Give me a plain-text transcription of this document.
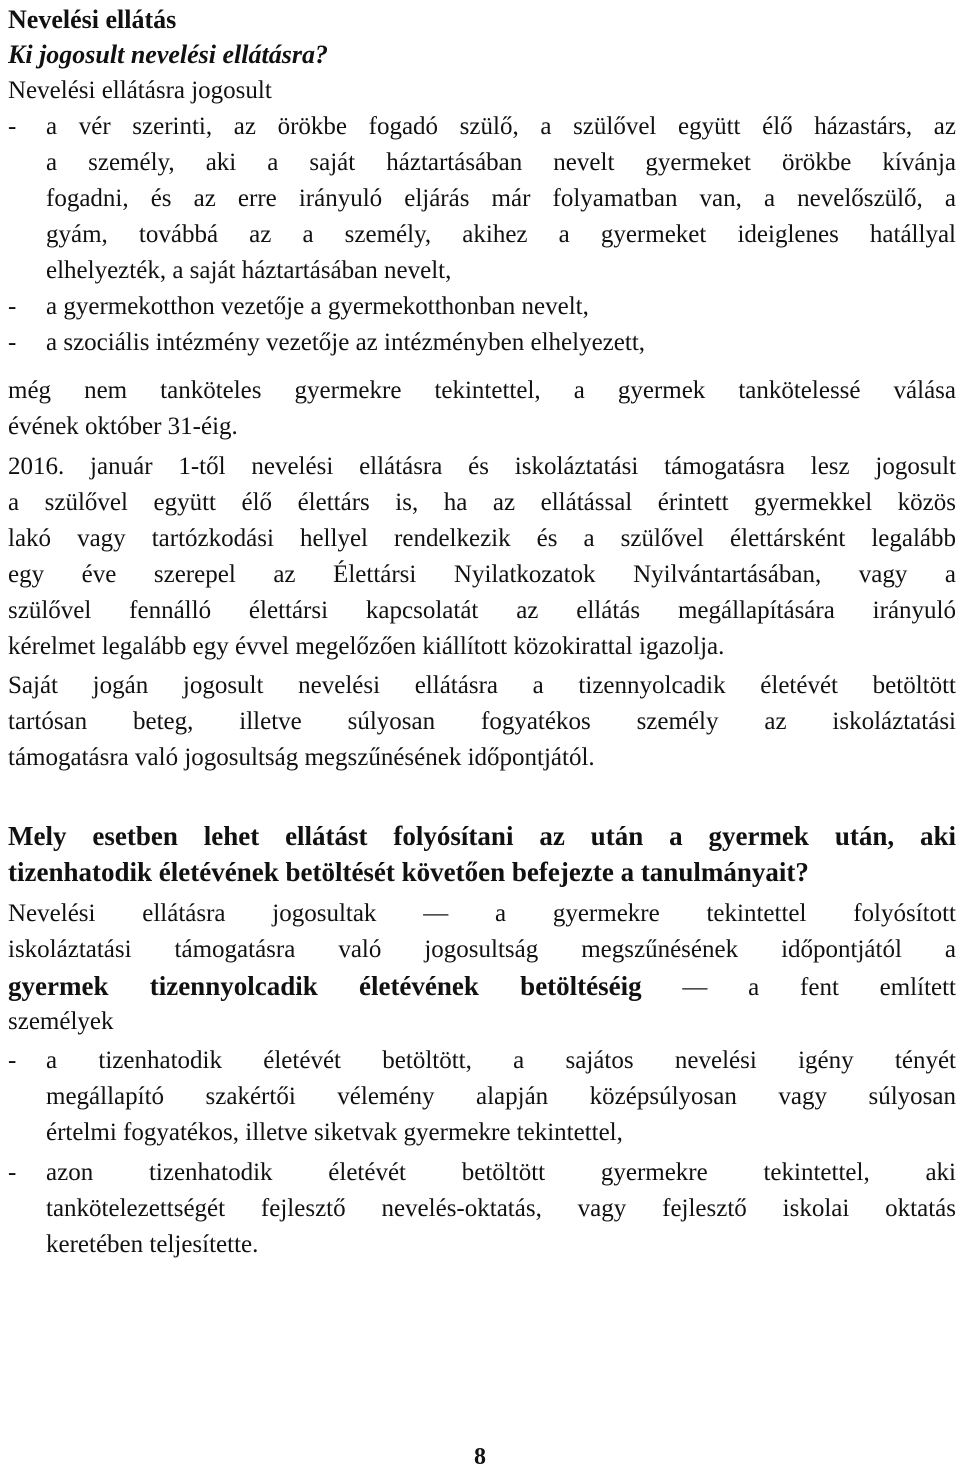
Nevelési ellátás
Ki jogosult nevelési ellátásra?
Nevelési ellátásra jogosult
- a vér szerinti, az örökbe fogadó szülő, a szülővel együtt élő házastárs, az
a személy, aki a saját háztartásában nevelt gyermeket örökbe kívánja
fogadni, és az erre irányuló eljárás már folyamatban van, a nevelőszülő, a
gyám, továbbá az a személy, akihez a gyermeket ideiglenes hatállyal
elhelyezték, a saját háztartásában nevelt,
- a gyermekotthon vezetője a gyermekotthonban nevelt,
- a szociális intézmény vezetője az intézményben elhelyezett,
még nem tanköteles gyermekre tekintettel, a gyermek tankötelessé válása
évének október 31-éig.
2016. január 1-től nevelési ellátásra és iskoláztatási támogatásra lesz jogosult
a szülővel együtt élő élettárs is, ha az ellátással érintett gyermekkel közös
lakó vagy tartózkodási hellyel rendelkezik és a szülővel élettársként legalább
egy éve szerepel az Élettársi Nyilatkozatok Nyilvántartásában, vagy a
szülővel fennálló élettársi kapcsolatát az ellátás megállapítására irányuló
kérelmet legalább egy évvel megelőzően kiállított közokirattal igazolja.
Saját jogán jogosult nevelési ellátásra a tizennyolcadik életévét betöltött
tartósan beteg, illetve súlyosan fogyatékos személy az iskoláztatási
támogatásra való jogosultság megszűnésének időpontjától.
Mely esetben lehet ellátást folyósítani az után a gyermek után, aki
tizenhatodik életévének betöltését követően befejezte a tanulmányait?
Nevelési ellátásra jogosultak — a gyermekre tekintettel folyósított
iskoláztatási támogatásra való jogosultság megszűnésének időpontjától a
gyermek tizennyolcadik életévének betöltéséig — a fent említett
személyek
- a tizenhatodik életévét betöltött, a sajátos nevelési igény tényét
megállapító szakértői vélemény alapján középsúlyosan vagy súlyosan
értelmi fogyatékos, illetve siketvak gyermekre tekintettel,
- azon tizenhatodik életévét betöltött gyermekre tekintettel, aki
tankötelezettségét fejlesztő nevelés-oktatás, vagy fejlesztő iskolai oktatás
keretében teljesítette.
8
